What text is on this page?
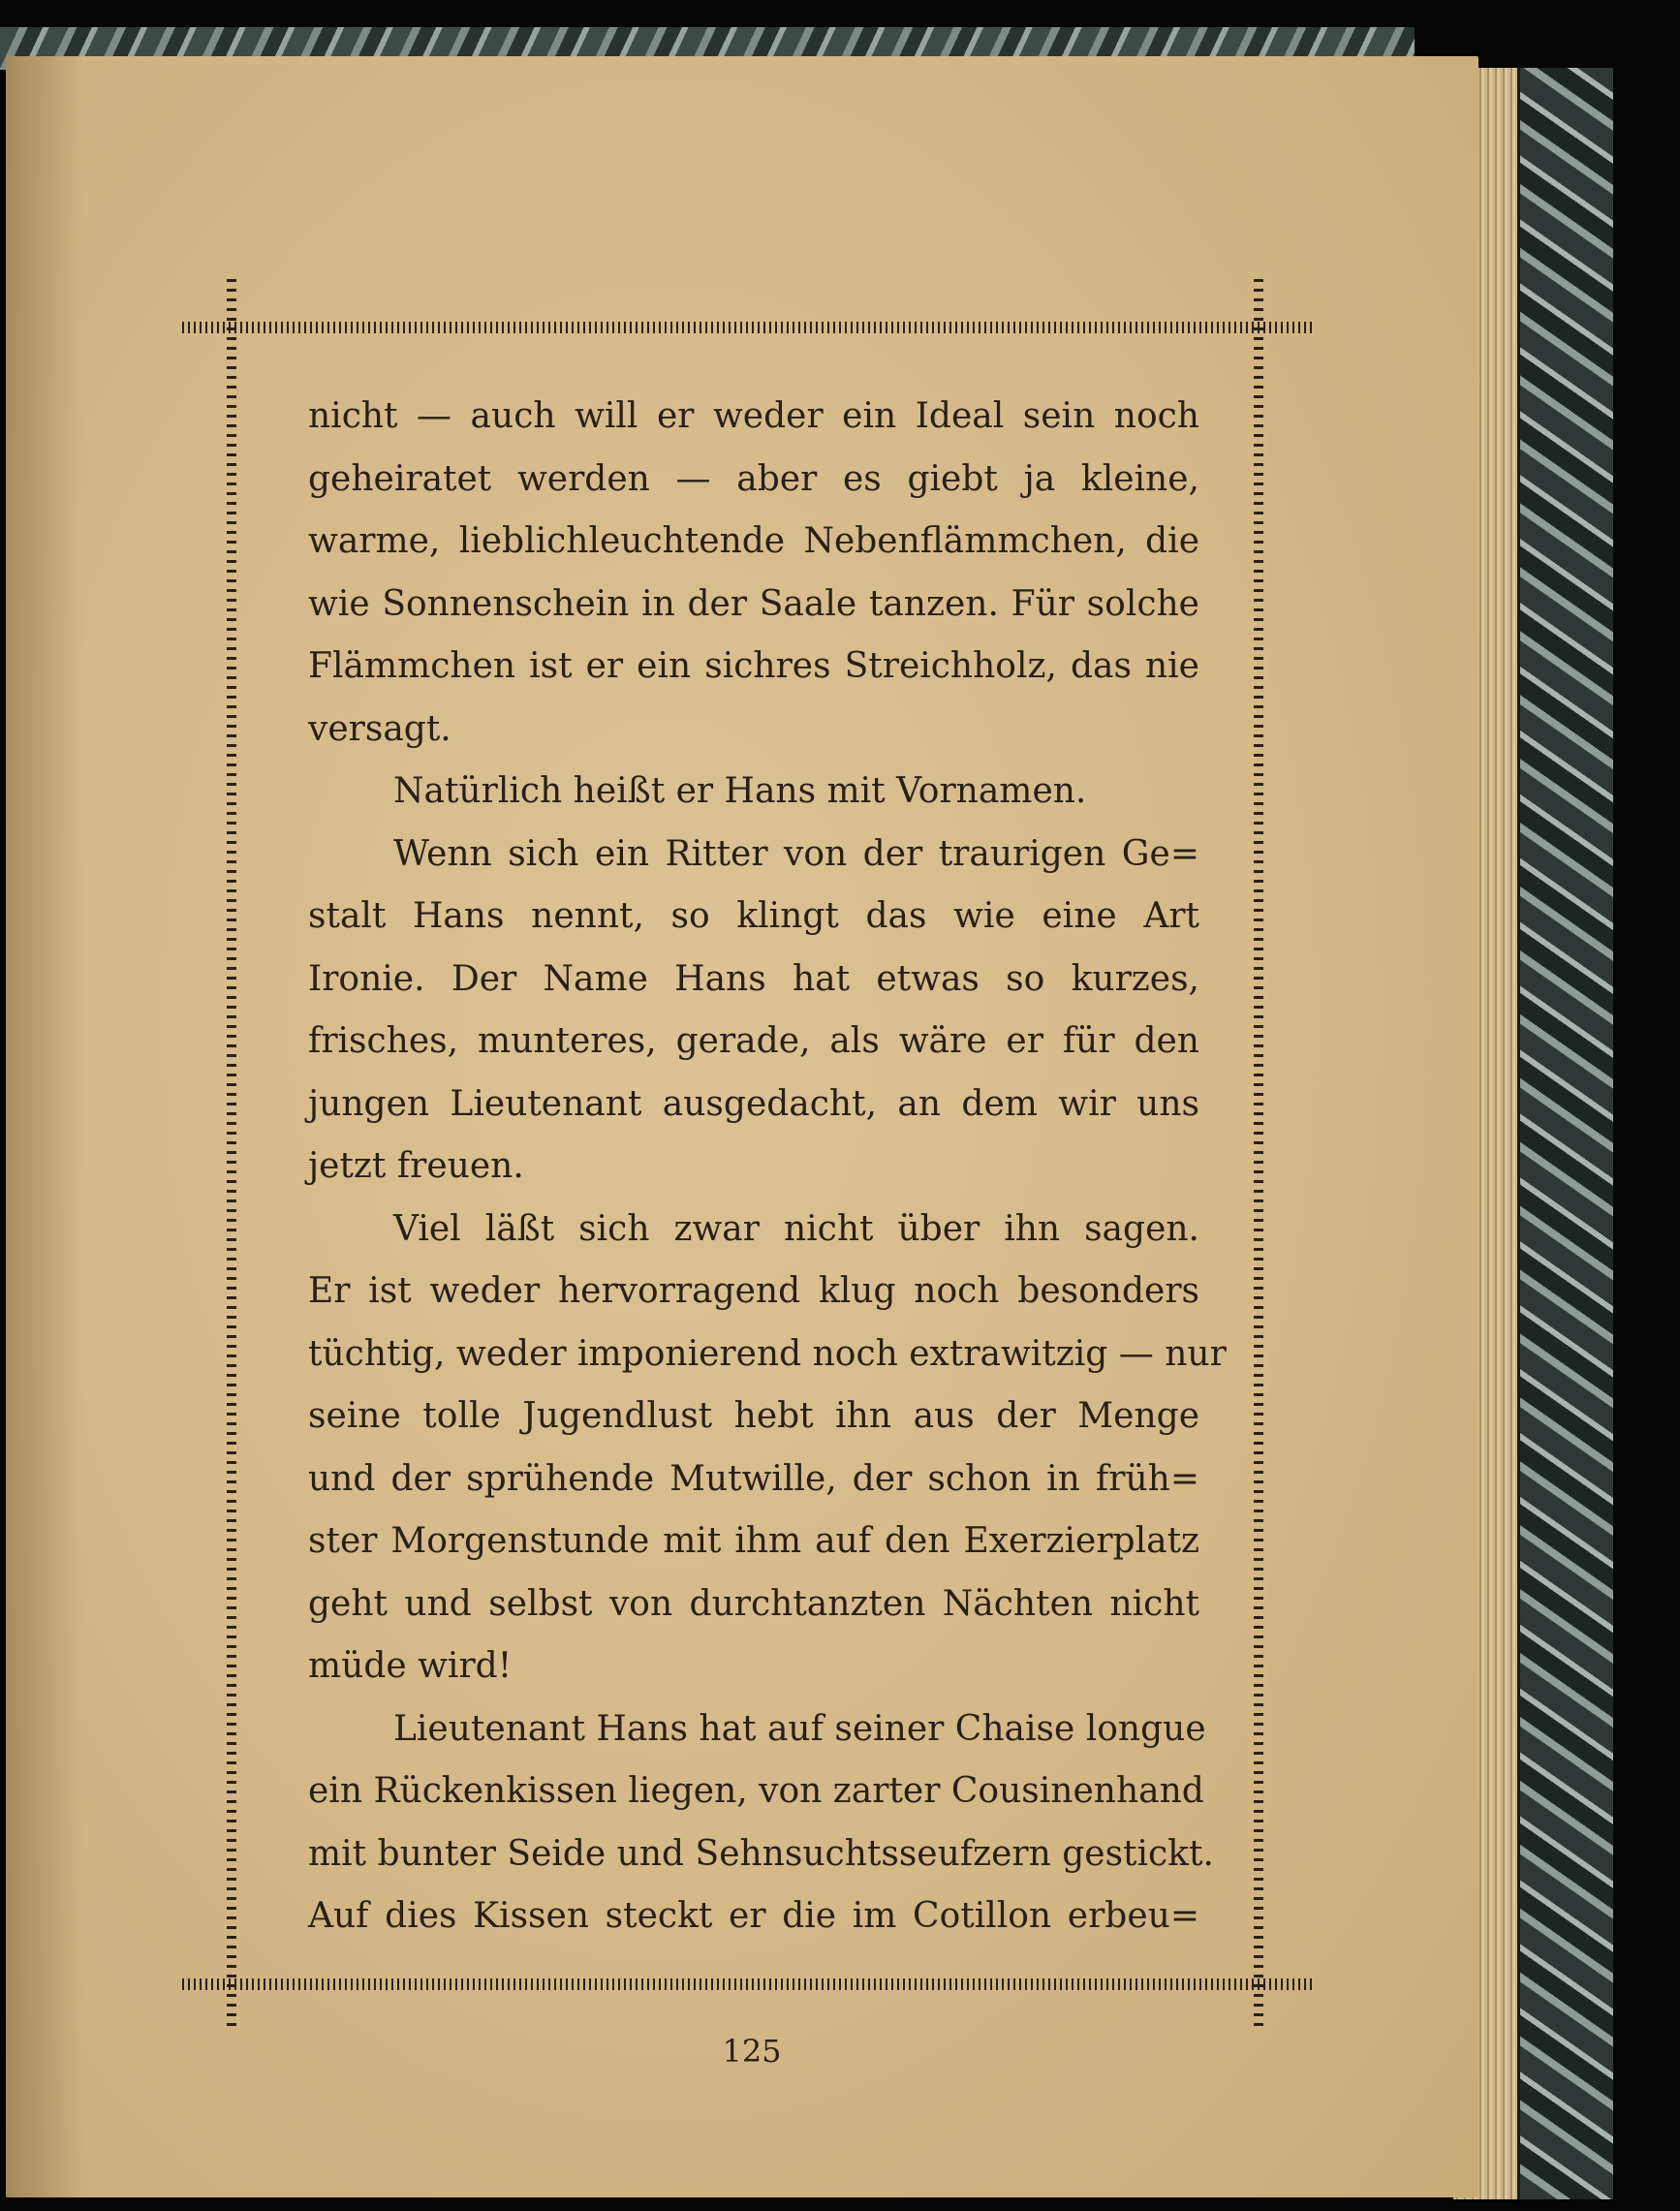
nicht — auch will er weder ein Ideal sein noch
geheiratet werden — aber es giebt ja kleine,
warme, lieblichleuchtende Nebenflämmchen, die
wie Sonnenschein in der Saale tanzen. Für solche
Flämmchen ist er ein sichres Streichholz, das nie
versagt.
Natürlich heißt er Hans mit Vornamen.
Wenn sich ein Ritter von der traurigen Ge=
stalt Hans nennt, so klingt das wie eine Art
Ironie. Der Name Hans hat etwas so kurzes,
frisches, munteres, gerade, als wäre er für den
jungen Lieutenant ausgedacht, an dem wir uns
jetzt freuen.
Viel läßt sich zwar nicht über ihn sagen.
Er ist weder hervorragend klug noch besonders
tüchtig, weder imponierend noch extrawitzig — nur
seine tolle Jugendlust hebt ihn aus der Menge
und der sprühende Mutwille, der schon in früh=
ster Morgenstunde mit ihm auf den Exerzierplatz
geht und selbst von durchtanzten Nächten nicht
müde wird!
Lieutenant Hans hat auf seiner Chaise longue
ein Rückenkissen liegen, von zarter Cousinenhand
mit bunter Seide und Sehnsuchtsseufzern gestickt.
Auf dies Kissen steckt er die im Cotillon erbeu=
125
